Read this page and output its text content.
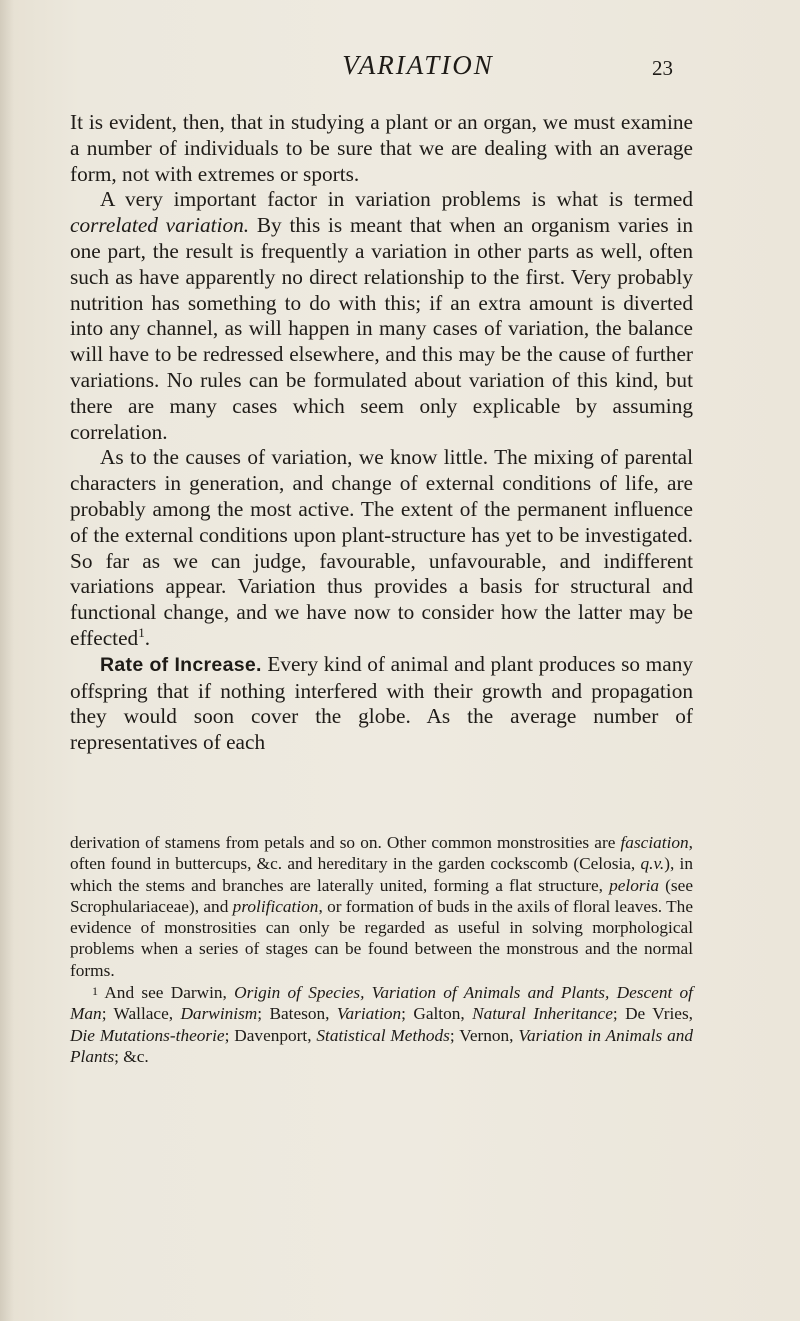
VARIATION	23

It is evident, then, that in studying a plant or an organ, we must examine a number of individuals to be sure that we are dealing with an average form, not with extremes or sports.

A very important factor in variation problems is what is termed correlated variation. By this is meant that when an organism varies in one part, the result is frequently a variation in other parts as well, often such as have apparently no direct relationship to the first. Very probably nutrition has something to do with this; if an extra amount is diverted into any channel, as will happen in many cases of variation, the balance will have to be redressed elsewhere, and this may be the cause of further variations. No rules can be formulated about variation of this kind, but there are many cases which seem only explicable by assuming correlation.

As to the causes of variation, we know little. The mixing of parental characters in generation, and change of external conditions of life, are probably among the most active. The extent of the permanent influence of the external conditions upon plant-structure has yet to be investigated. So far as we can judge, favourable, unfavourable, and indifferent variations appear. Variation thus provides a basis for structural and functional change, and we have now to consider how the latter may be effected$^1$.

Rate of Increase. Every kind of animal and plant produces so many offspring that if nothing interfered with their growth and propagation they would soon cover the globe. As the average number of representatives of each

derivation of stamens from petals and so on. Other common monstrosities are fasciation, often found in buttercups, &c. and hereditary in the garden cockscomb (Celosia, q.v.), in which the stems and branches are laterally united, forming a flat structure, peloria (see Scrophulariaceae), and prolification, or formation of buds in the axils of floral leaves. The evidence of monstrosities can only be regarded as useful in solving morphological problems when a series of stages can be found between the monstrous and the normal forms.

1 And see Darwin, Origin of Species, Variation of Animals and Plants, Descent of Man; Wallace, Darwinism; Bateson, Variation; Galton, Natural Inheritance; De Vries, Die Mutations-theorie; Davenport, Statistical Methods; Vernon, Variation in Animals and Plants; &c.
